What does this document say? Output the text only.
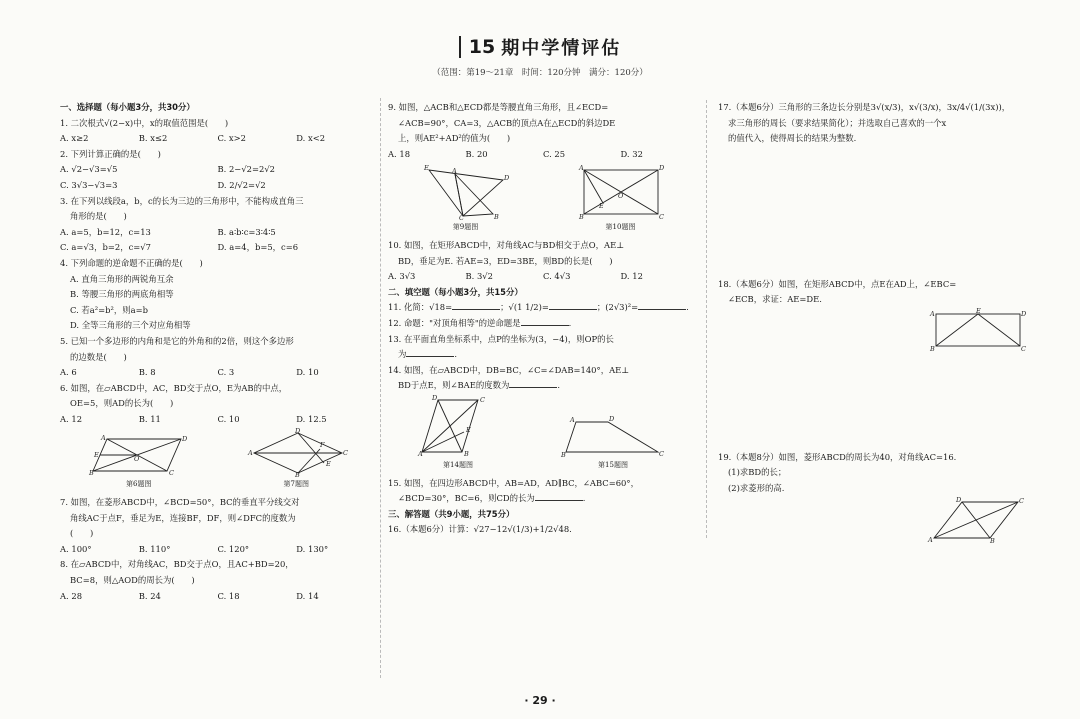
15 期中学情评估
（范围：第19～21章　时间：120分钟　满分：120分）
一、选择题（每小题3分，共30分）
1. 二次根式√(2−x)中，x的取值范围是(　　)
A. x≥2	B. x≤2	C. x>2	D. x<2
2. 下列计算正确的是(　　)
A. √2−√3=√5	B. 2−√2=2√2
C. 3√3−√3=3	D. 2/√2=√2
3. 在下列以线段a，b，c的长为三边的三角形中，不能构成直角三
角形的是(　　)
A. a=5，b=12，c=13	B. a∶b∶c=3∶4∶5
C. a=√3，b=2，c=√7	D. a=4，b=5，c=6
4. 下列命题的逆命题不正确的是(　　)
A. 直角三角形的两锐角互余
B. 等腰三角形的两底角相等
C. 若a²=b²，则a=b
D. 全等三角形的三个对应角相等
5. 已知一个多边形的内角和是它的外角和的2倍，则这个多边形
的边数是(　　)
A. 6	B. 8	C. 3	D. 10
6. 如图，在▱ABCD中，AC，BD交于点O，E为AB的中点，
OE=5，则AD的长为(　　)
A. 12	B. 11	C. 10	D. 12.5
A	D
C
B
E	O
第6题图
D
A	C
B
F
E
第7题图
7. 如图，在菱形ABCD中，∠BCD=50°，BC的垂直平分线交对
角线AC于点F，垂足为E，连接BF，DF，则∠DFC的度数为
(　　)
A. 100°	B. 110°	C. 120°	D. 130°
8. 在▱ABCD中，对角线AC，BD交于点O，且AC+BD=20，
BC=8，则△AOD的周长为(　　)
A. 28	B. 24	C. 18	D. 14
9. 如图，△ACB和△ECD都是等腰直角三角形，且∠ECD=
∠ACB=90°，CA=3，△ACB的顶点A在△ECD的斜边DE
上，则AE²+AD²的值为(　　)
A. 18	B. 20	C. 25	D. 32
E	A
D
C	B
第9题图
A	D
B	C
O
E
第10题图
10. 如图，在矩形ABCD中，对角线AC与BD相交于点O，AE⊥
BD，垂足为E. 若AE=3，ED=3BE，则BD的长是(　　)
A. 3√3	B. 3√2	C. 4√3	D. 12
二、填空题（每小题3分，共15分）
11. 化简：√18=	；√(1 1/2)=	；(2√3)²=	.
12. 命题："对顶角相等"的逆命题是	.
13. 在平面直角坐标系中，点P的坐标为(3，−4)，则OP的长
为	.
14. 如图，在▱ABCD中，DB=BC，∠C=∠DAB=140°，AE⊥
BD于点E，则∠BAE的度数为	.
D	C
A	B
E
第14题图
A	D
B	C
第15题图
15. 如图，在四边形ABCD中，AB=AD，AD∥BC，∠ABC=60°，
∠BCD=30°，BC=6，则CD的长为	.
三、解答题（共9小题，共75分）
16.（本题6分）计算：√27−12√(1/3)+1/2√48.
17.（本题6分）三角形的三条边长分别是3√(x/3)，x√(3/x)，3x/4√(1/(3x))，
求三角形的周长（要求结果简化）；并选取自己喜欢的一个x
的值代入，使得周长的结果为整数.
18.（本题6分）如图，在矩形ABCD中，点E在AD上，∠EBC=
∠ECB，求证：AE=DE.
A	E	D
B	C
19.（本题8分）如图，菱形ABCD的周长为40，对角线AC=16.
(1)求BD的长；
(2)求菱形的高.
D	C
A	B
· 29 ·
